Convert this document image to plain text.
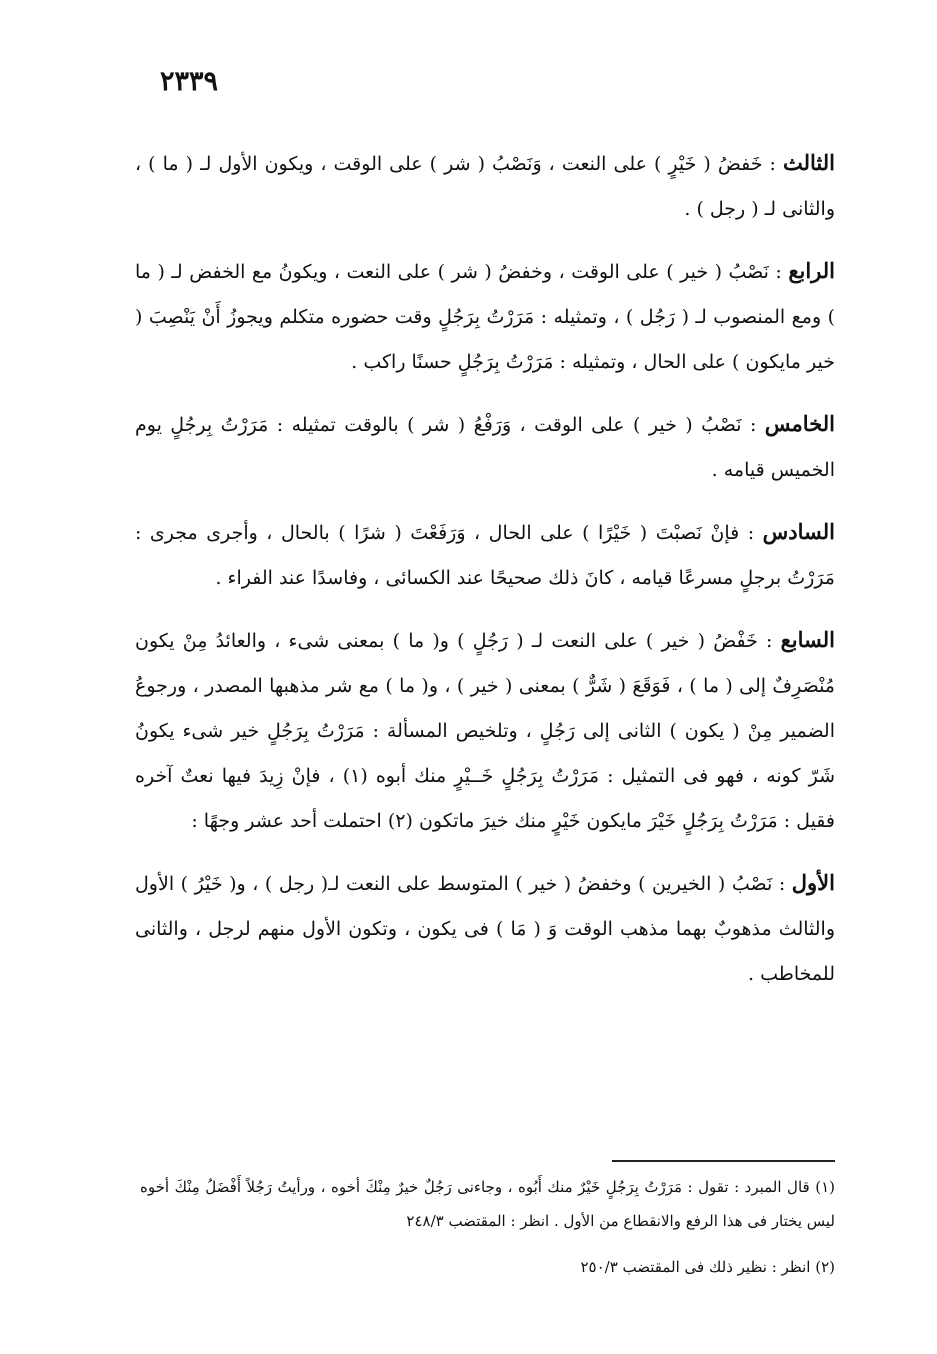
٢٣٣٩

الثالث : خَفضُ ( خَيْرٍ ) على النعت ، وَنَصْبُ ( شر ) على الوقت ، ويكون الأول لـ ( ما ) ، والثانى لـ ( رجل ) .

الرابع : نَصْبُ ( خير ) على الوقت ، وخفضُ ( شر ) على النعت ، ويكونُ مع الخفض لـ ( ما ) ومع المنصوب لـ ( رَجُل ) ، وتمثيله : مَرَرْتُ بِرَجُلٍ وقت حضوره متكلم ويجوزُ أَنْ يَنْصِبَ ( خير مايكون ) على الحال ، وتمثيله : مَرَرْتُ بِرَجُلٍ حسنًا راكب .

الخامس : نَصْبُ ( خير ) على الوقت ، وَرَفْعُ ( شر ) بالوقت تمثيله : مَرَرْتُ بِرجُلٍ يوم الخميس قيامه .

السادس : فإنْ نَصبْتَ ( خَيْرًا ) على الحال ، وَرَفَعْتَ ( شرًا ) بالحال ، وأجرى مجرى : مَرَرْتُ برجلٍ مسرعًا قيامه ، كانَ ذلك صحيحًا عند الكسائى ، وفاسدًا عند الفراء .

السابع : خَفْضُ ( خير ) على النعت لـ ( رَجُلٍ ) و( ما ) بمعنى شىء ، والعائدُ مِنْ يكون مُنْصَرِفٌ إلى ( ما ) ، فَوَقَعَ ( شَرٌّ ) بمعنى ( خير ) ، و( ما ) مع شر مذهبها المصدر ، ورجوعُ الضمير مِنْ ( يكون ) الثانى إلى رَجُلٍ ، وتلخيص المسألة : مَرَرْتُ بِرَجُلٍ خير شىء يكونُ شَرّ كونه ، فهو فى التمثيل : مَرَرْتُ بِرَجُلٍ خَــيْرٍ منك أبوه (١) ، فإنْ زِيدَ فيها نعتٌ آخره فقيل : مَرَرْتُ بِرَجُلٍ خَيْرَ مايكون خَيْرٍ منك خيرَ ماتكون (٢) احتملت أحد عشر وجهًا :

الأول : نَصْبُ ( الخيرين ) وخفضُ ( خير ) المتوسط على النعت لـ( رجل ) ، و( خَيْرُ ) الأول والثالث مذهوبٌ بهما مذهب الوقت وَ ( مَا ) فى يكون ، وتكون الأول منهم لرجل ، والثانى للمخاطب .

(١) قال المبرد : تقول : مَرَرْتُ بِرَجُلٍ خَيْرٌ منك أَبُوه ، وجاءنى رَجُلٌ خيرٌ مِنْكَ أخوه ، ورأيتُ رَجُلاً أَفْضَلُ مِنْكَ أخوه ليس يختار فى هذا الرفع والانقطاع من الأول . انظر : المقتضب ٢٤٨/٣

(٢) انظر : نظير ذلك فى المقتضب ٢٥٠/٣
